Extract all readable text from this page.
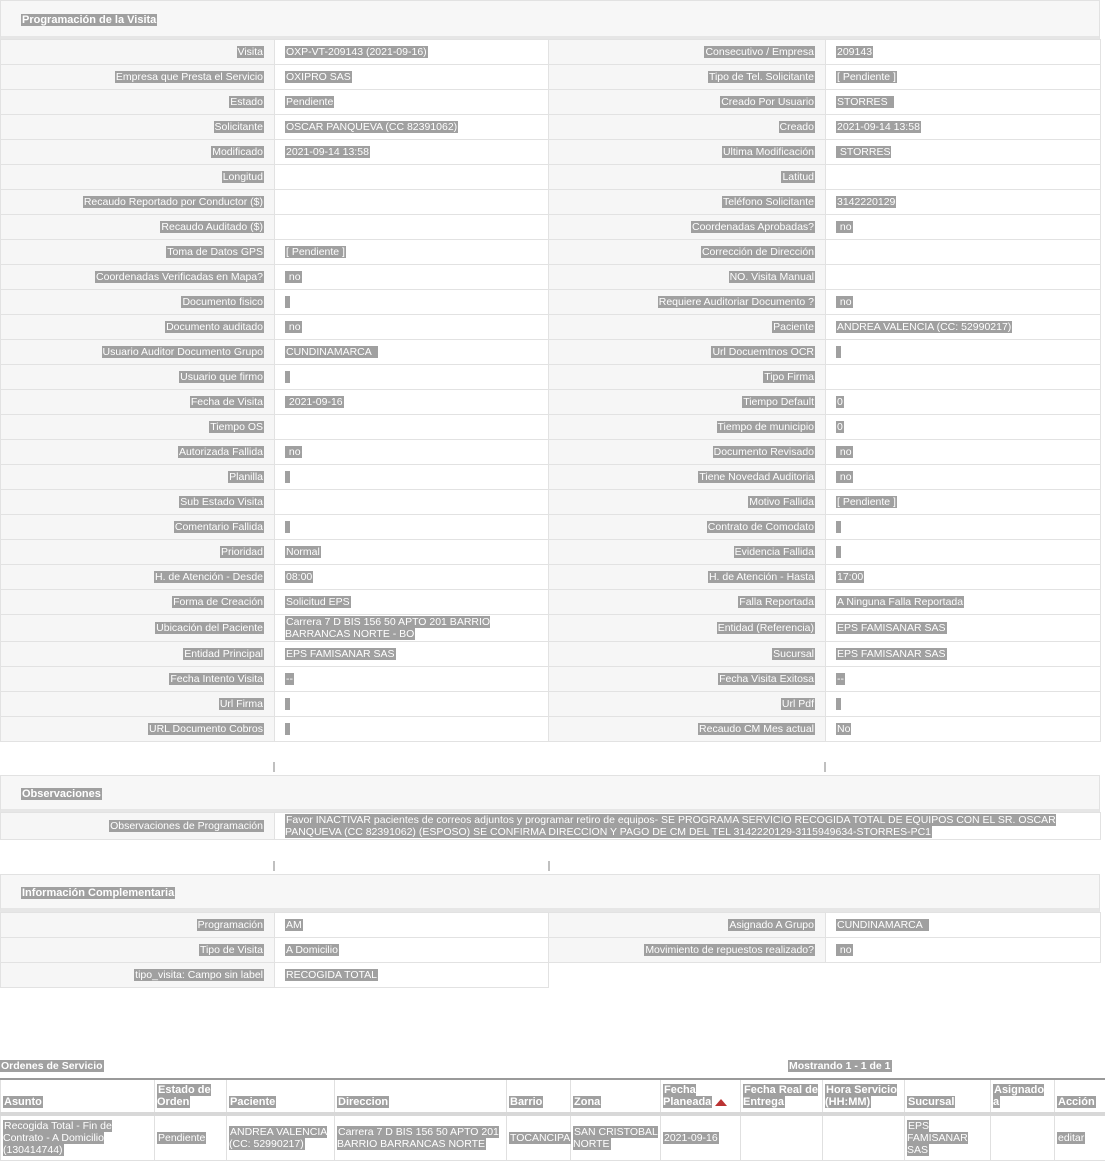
Programación de la Visita
Visita	OXP-VT-209143 (2021-09-16)	Consecutivo / Empresa	209143
Empresa que Presta el Servicio	OXIPRO SAS	Tipo de Tel. Solicitante	[ Pendiente ]
Estado	Pendiente	Creado Por Usuario	STORRES
Solicitante	OSCAR PANQUEVA (CC 82391062)	Creado	2021-09-14 13:58
Modificado	2021-09-14 13:58	Ultima Modificación	STORRES
Longitud		Latitud	
Recaudo Reportado por Conductor ($)		Teléfono Solicitante	3142220129
Recaudo Auditado ($)		Coordenadas Aprobadas?	no
Toma de Datos GPS	[ Pendiente ]	Corrección de Dirección	
Coordenadas Verificadas en Mapa?	no	NO. Visita Manual	
Documento fisico		Requiere Auditoriar Documento ?	no
Documento auditado	no	Paciente	ANDREA VALENCIA (CC: 52990217)
Usuario Auditor Documento Grupo	CUNDINAMARCA	Url Docuemtnos OCR	
Usuario que firmo		Tipo Firma	
Fecha de Visita	2021-09-16	Tiempo Default	0
Tiempo OS		Tiempo de municipio	0
Autorizada Fallida	no	Documento Revisado	no
Planilla		Tiene Novedad Auditoria	no
Sub Estado Visita		Motivo Fallida	[ Pendiente ]
Comentario Fallida		Contrato de Comodato	
Prioridad	Normal	Evidencia Fallida	
H. de Atención - Desde	08:00	H. de Atención - Hasta	17:00
Forma de Creación	Solicitud EPS	Falla Reportada	A Ninguna Falla Reportada
Ubicación del Paciente	Carrera 7 D BIS 156 50 APTO 201 BARRIO BARRANCAS NORTE - BO	Entidad (Referencia)	EPS FAMISANAR SAS
Entidad Principal	EPS FAMISANAR SAS	Sucursal	EPS FAMISANAR SAS
Fecha Intento Visita	--	Fecha Visita Exitosa	--
Url Firma		Url Pdf	
URL Documento Cobros		Recaudo CM Mes actual	No
Observaciones
Observaciones de Programación	Favor INACTIVAR pacientes de correos adjuntos y programar retiro de equipos- SE PROGRAMA SERVICIO RECOGIDA TOTAL DE EQUIPOS CON EL SR. OSCAR PANQUEVA (CC 82391062) (ESPOSO) SE CONFIRMA DIRECCION Y PAGO DE CM DEL TEL 3142220129-3115949634-STORRES-PC1
Información Complementaria
Programación	AM	Asignado A Grupo	CUNDINAMARCA
Tipo de Visita	A Domicilio	Movimiento de repuestos realizado?	no
tipo_visita: Campo sin label	RECOGIDA TOTAL		
Ordenes de Servicio	Mostrando 1 - 1 de 1
Asunto	Estado de Orden	Paciente	Direccion	Barrio	Zona	Fecha Planeada	Fecha Real de Entrega	Hora Servicio (HH:MM)	Sucursal	Asignado a	Acción
Recogida Total - Fin de Contrato - A Domicilio (130414744)	Pendiente	ANDREA VALENCIA (CC: 52990217)	Carrera 7 D BIS 156 50 APTO 201 BARRIO BARRANCAS NORTE	TOCANCIPA	SAN CRISTOBAL NORTE	2021-09-16			EPS FAMISANAR SAS		editar
